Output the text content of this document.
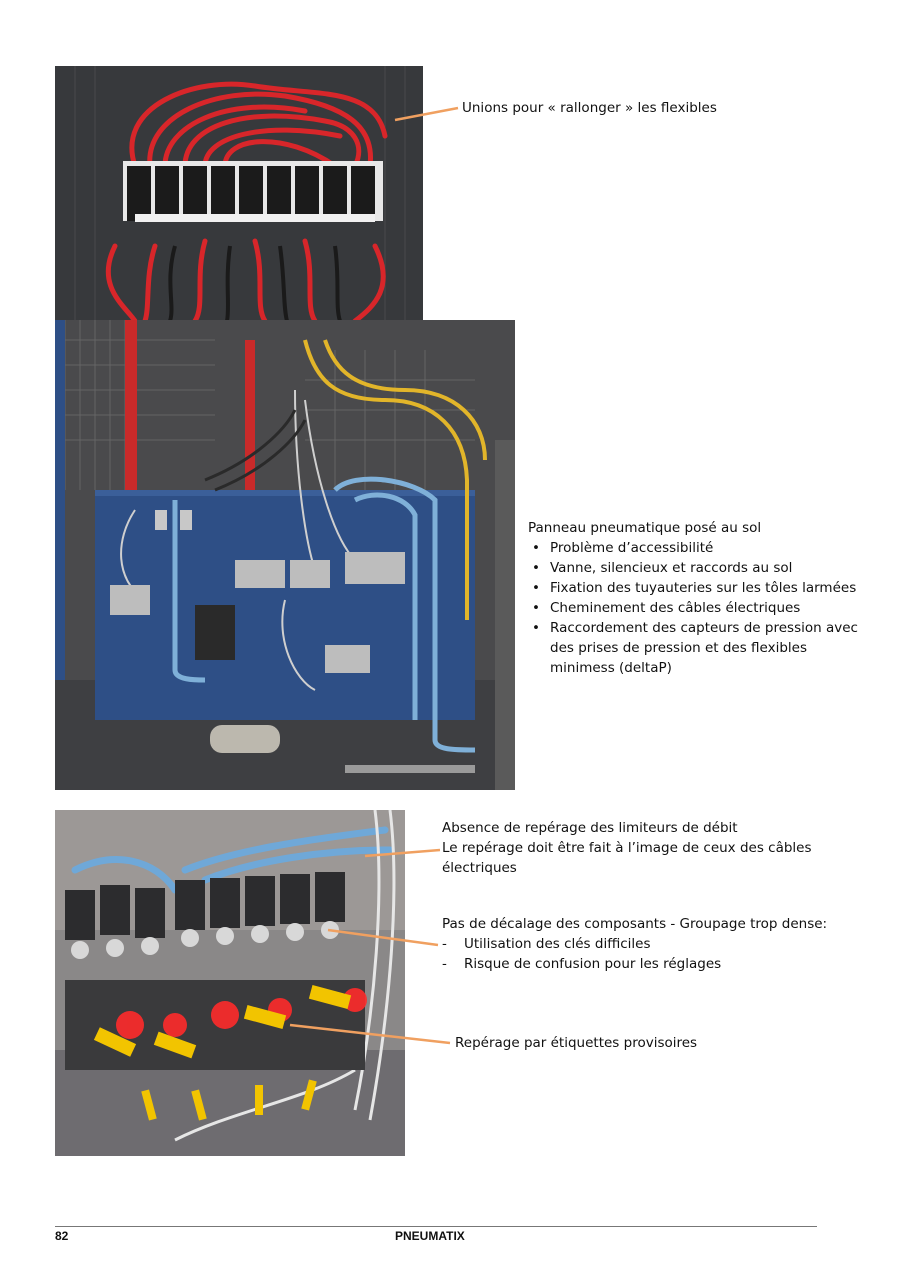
Unions pour « rallonger » les flexibles
Panneau pneumatique posé au sol
• Problème d’accessibilité
• Vanne, silencieux et raccords au sol
• Fixation des tuyauteries sur les tôles larmées
• Cheminement des câbles électriques
• Raccordement des capteurs de pression avec des prises de pression et des flexibles minimess (deltaP)
Absence de repérage des limiteurs de débit
Le repérage doit être fait à l’image de ceux des câbles électriques
Pas de décalage des composants - Groupage trop dense:
- Utilisation des clés difficiles
- Risque de confusion pour les réglages
Repérage par étiquettes provisoires
82	PNEUMATIX
